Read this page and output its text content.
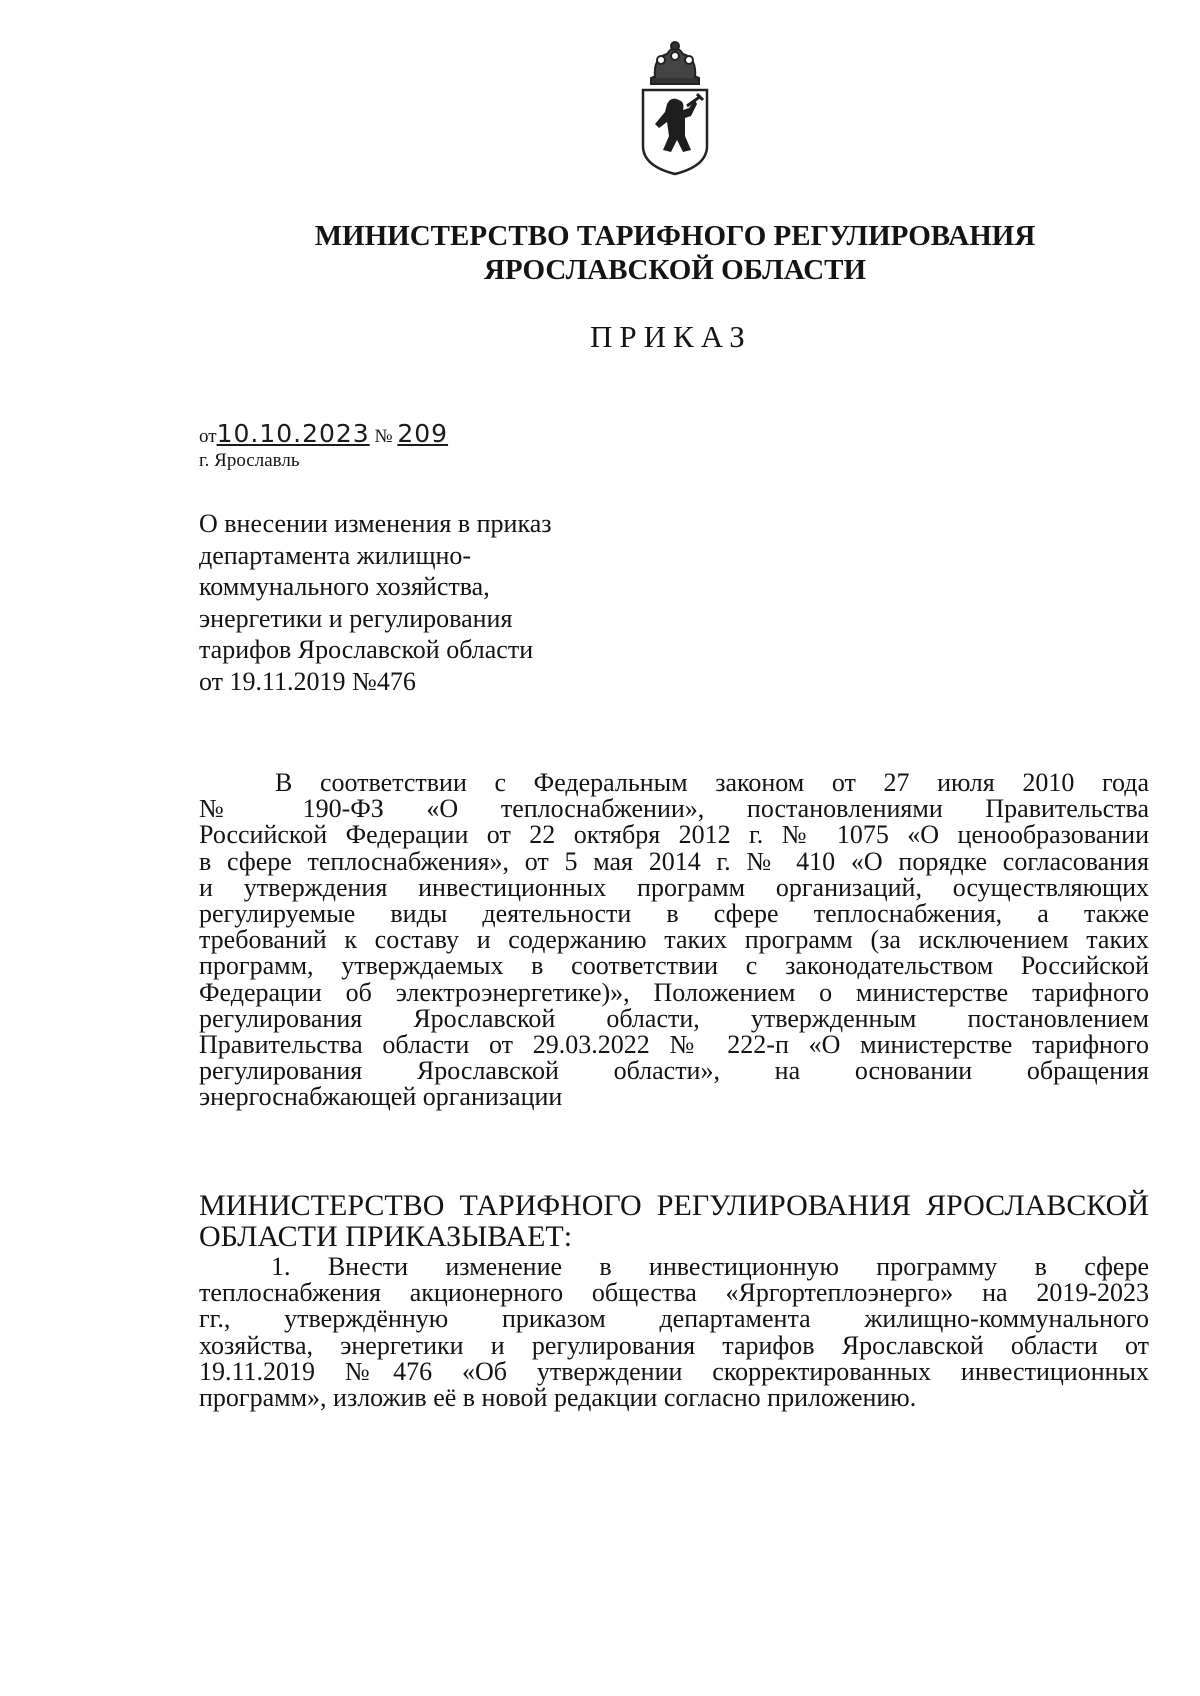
МИНИСТЕРСТВО ТАРИФНОГО РЕГУЛИРОВАНИЯ
ЯРОСЛАВСКОЙ ОБЛАСТИ
ПРИКАЗ
от10.10.2023 № 209
г. Ярославль
О внесении изменения в приказ
департамента жилищно-
коммунального хозяйства,
энергетики и регулирования
тарифов Ярославской области
от 19.11.2019 №476
В соответствии с Федеральным законом от 27 июля 2010 года
№ 190-ФЗ «О теплоснабжении», постановлениями Правительства
Российской Федерации от 22 октября 2012 г. № 1075 «О ценообразовании
в сфере теплоснабжения», от 5 мая 2014 г. № 410 «О порядке согласования
и утверждения инвестиционных программ организаций, осуществляющих
регулируемые виды деятельности в сфере теплоснабжения, а также
требований к составу и содержанию таких программ (за исключением таких
программ, утверждаемых в соответствии с законодательством Российской
Федерации об электроэнергетике)», Положением о министерстве тарифного
регулирования Ярославской области, утвержденным постановлением
Правительства области от 29.03.2022 № 222-п «О министерстве тарифного
регулирования Ярославской области», на основании обращения
энергоснабжающей организации
МИНИСТЕРСТВО ТАРИФНОГО РЕГУЛИРОВАНИЯ ЯРОСЛАВСКОЙ
ОБЛАСТИ ПРИКАЗЫВАЕТ:
1. Внести изменение в инвестиционную программу в сфере
теплоснабжения акционерного общества «Яргортеплоэнерго» на 2019-2023
гг., утверждённую приказом департамента жилищно-коммунального
хозяйства, энергетики и регулирования тарифов Ярославской области от
19.11.2019 №476 «Об утверждении скорректированных инвестиционных
программ», изложив её в новой редакции согласно приложению.
